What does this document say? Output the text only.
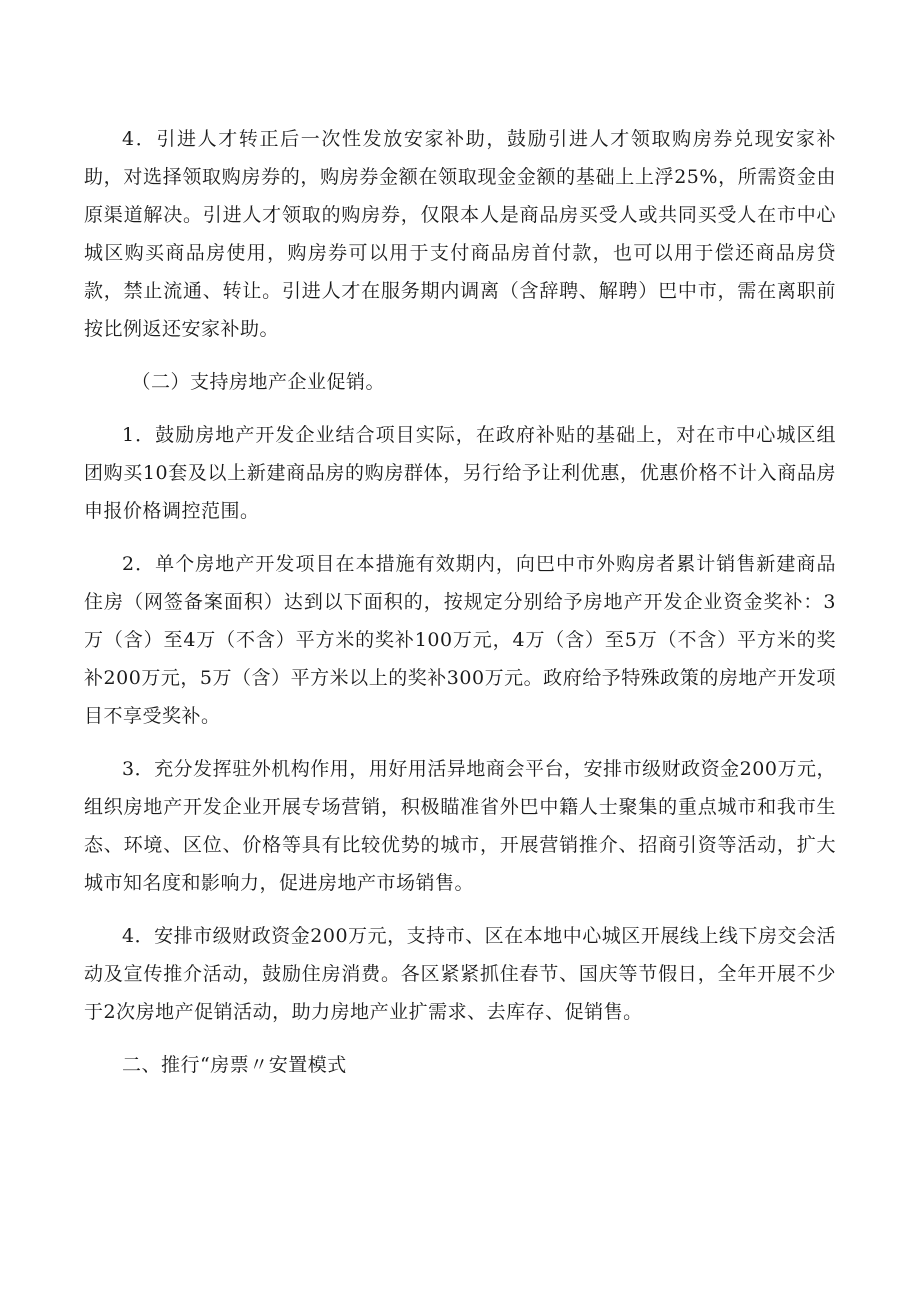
4．引进人才转正后一次性发放安家补助，鼓励引进人才领取购房券兑现安家补助，对选择领取购房券的，购房券金额在领取现金金额的基础上上浮25%，所需资金由原渠道解决。引进人才领取的购房券，仅限本人是商品房买受人或共同买受人在市中心城区购买商品房使用，购房券可以用于支付商品房首付款，也可以用于偿还商品房贷款，禁止流通、转让。引进人才在服务期内调离（含辞聘、解聘）巴中市，需在离职前按比例返还安家补助。

（二）支持房地产企业促销。

1．鼓励房地产开发企业结合项目实际，在政府补贴的基础上，对在市中心城区组团购买10套及以上新建商品房的购房群体，另行给予让利优惠，优惠价格不计入商品房申报价格调控范围。

2．单个房地产开发项目在本措施有效期内，向巴中市外购房者累计销售新建商品住房（网签备案面积）达到以下面积的，按规定分别给予房地产开发企业资金奖补：3万（含）至4万（不含）平方米的奖补100万元，4万（含）至5万（不含）平方米的奖补200万元，5万（含）平方米以上的奖补300万元。政府给予特殊政策的房地产开发项目不享受奖补。

3．充分发挥驻外机构作用，用好用活异地商会平台，安排市级财政资金200万元，组织房地产开发企业开展专场营销，积极瞄准省外巴中籍人士聚集的重点城市和我市生态、环境、区位、价格等具有比较优势的城市，开展营销推介、招商引资等活动，扩大城市知名度和影响力，促进房地产市场销售。

4．安排市级财政资金200万元，支持市、区在本地中心城区开展线上线下房交会活动及宣传推介活动，鼓励住房消费。各区紧紧抓住春节、国庆等节假日，全年开展不少于2次房地产促销活动，助力房地产业扩需求、去库存、促销售。

二、推行“房票〃安置模式
